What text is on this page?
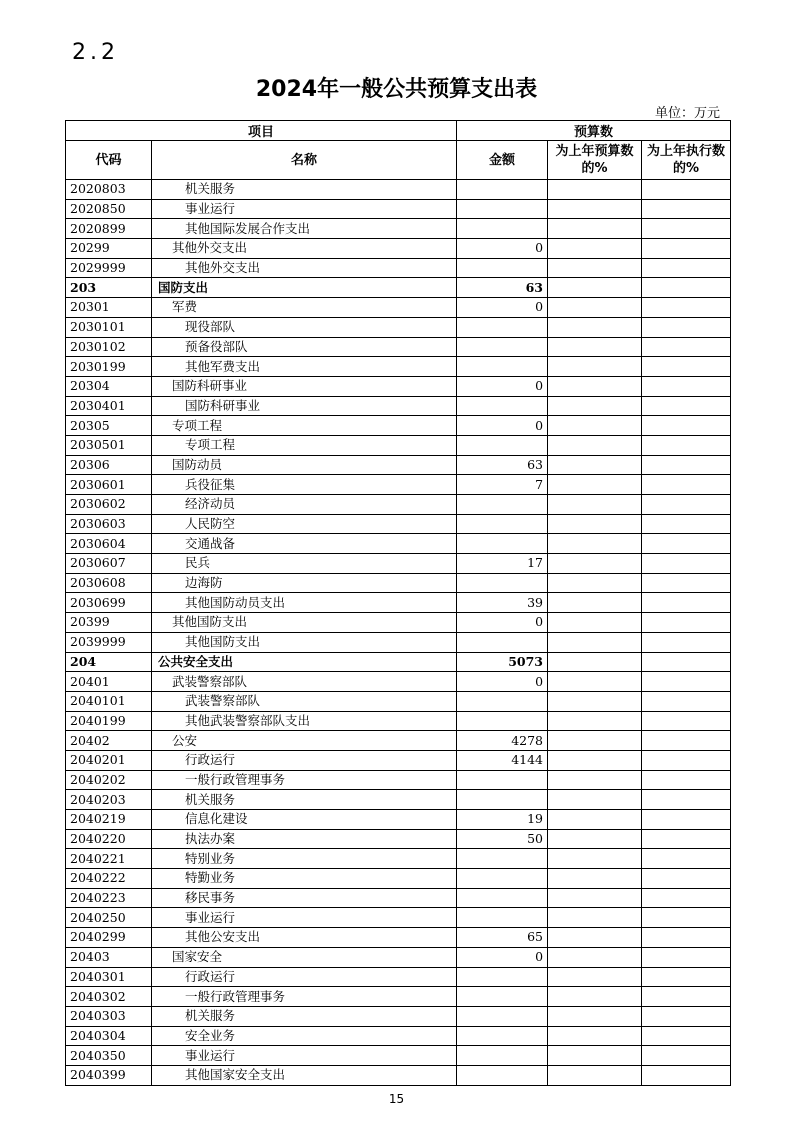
2.2
2024年一般公共预算支出表
单位：万元
项目		预算数		
代码	名称	金额	为上年预算数的%	为上年执行数的%
2020803	机关服务			
2020850	事业运行			
2020899	其他国际发展合作支出			
20299	其他外交支出	0		
2029999	其他外交支出			
203	国防支出	63		
20301	军费	0		
2030101	现役部队			
2030102	预备役部队			
2030199	其他军费支出			
20304	国防科研事业	0		
2030401	国防科研事业			
20305	专项工程	0		
2030501	专项工程			
20306	国防动员	63		
2030601	兵役征集	7		
2030602	经济动员			
2030603	人民防空			
2030604	交通战备			
2030607	民兵	17		
2030608	边海防			
2030699	其他国防动员支出	39		
20399	其他国防支出	0		
2039999	其他国防支出			
204	公共安全支出	5073		
20401	武装警察部队	0		
2040101	武装警察部队			
2040199	其他武装警察部队支出			
20402	公安	4278		
2040201	行政运行	4144		
2040202	一般行政管理事务			
2040203	机关服务			
2040219	信息化建设	19		
2040220	执法办案	50		
2040221	特别业务			
2040222	特勤业务			
2040223	移民事务			
2040250	事业运行			
2040299	其他公安支出	65		
20403	国家安全	0		
2040301	行政运行			
2040302	一般行政管理事务			
2040303	机关服务			
2040304	安全业务			
2040350	事业运行			
2040399	其他国家安全支出			
15
